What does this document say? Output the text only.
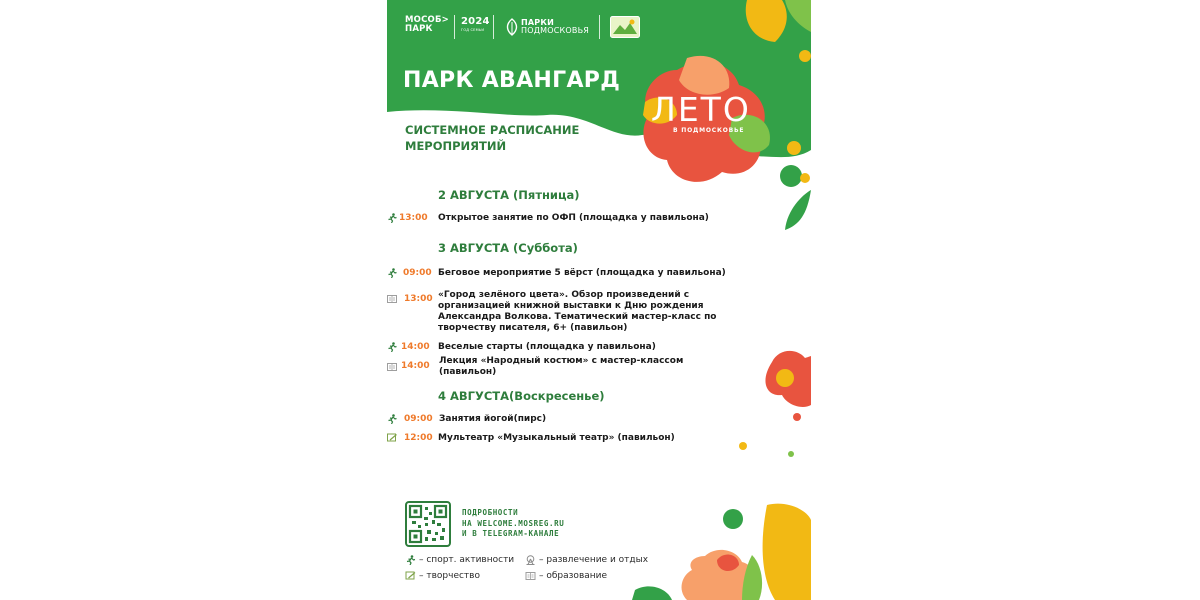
МОСОБ>
ПАРК
2024
ГОД СЕМЬИ
ПАРКИ
ПОДМОСКОВЬЯ
ПАРК АВАНГАРД
СИСТЕМНОЕ РАСПИСАНИЕ
МЕРОПРИЯТИЙ
ЛЕТО
В ПОДМОСКОВЬЕ
2 АВГУСТА (Пятница)
13:00 Открытое занятие по ОФП (площадка у павильона)
3 АВГУСТА (Суббота)
09:00 Беговое мероприятие 5 вёрст (площадка у павильона)
13:00 «Город зелёного цвета». Обзор произведений с организацией книжной выставки к Дню рождения Александра Волкова. Тематический мастер-класс по творчеству писателя, 6+ (павильон)
14:00 Веселые старты (площадка у павильона)
14:00 Лекция «Народный костюм» с мастер-классом (павильон)
4 АВГУСТА(Воскресенье)
09:00 Занятия йогой(пирс)
12:00 Мультеатр «Музыкальный театр» (павильон)
ПОДРОБНОСТИ
НА WELCOME.MOSREG.RU
И В TELEGRAM-КАНАЛЕ
– спорт. активности	– развлечение и отдых
– творчество	– образование
